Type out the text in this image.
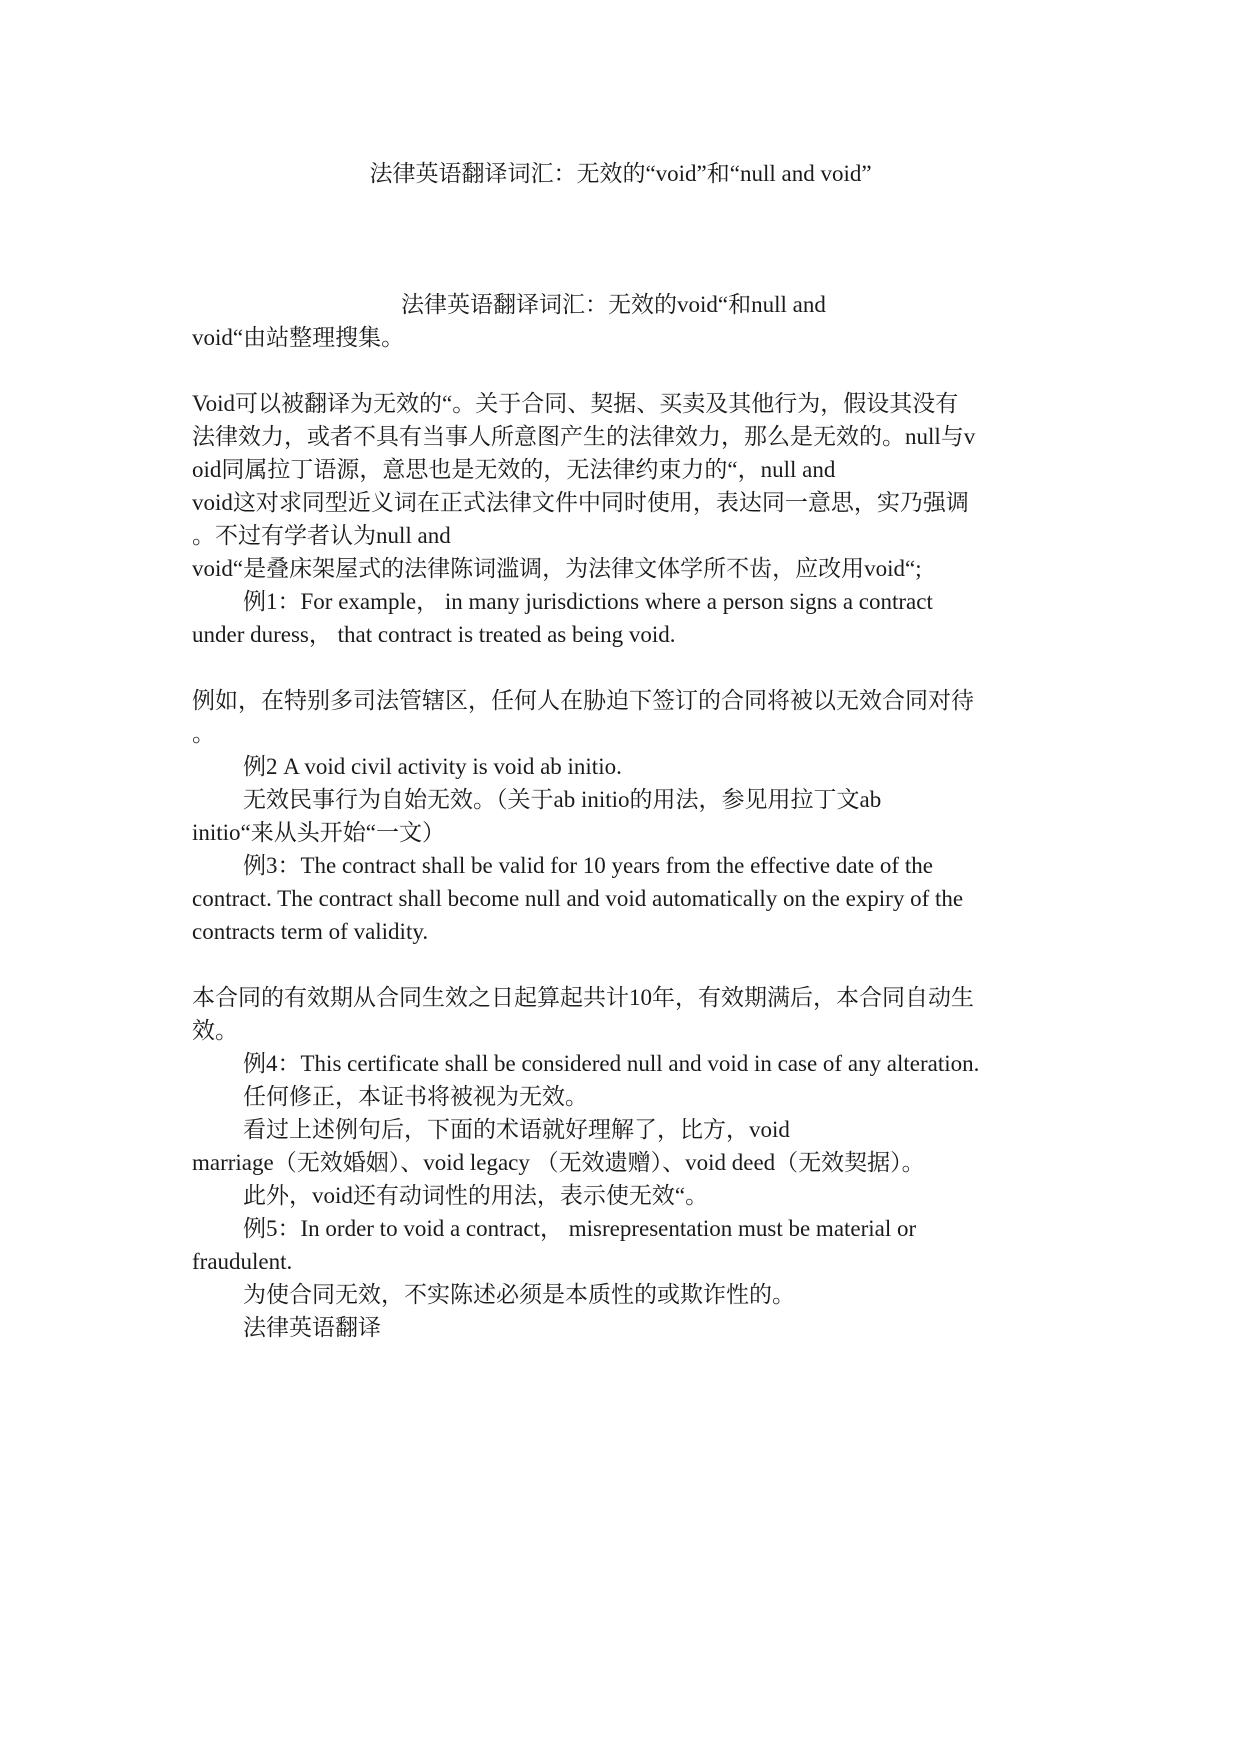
法律英语翻译词汇：无效的“void”和“null and void”
法律英语翻译词汇：无效的void“和null and
void“由站整理搜集。
Void可以被翻译为无效的“。关于合同、契据、买卖及其他行为，假设其没有
法律效力，或者不具有当事人所意图产生的法律效力，那么是无效的。null与v
oid同属拉丁语源，意思也是无效的，无法律约束力的“，null and
void这对求同型近义词在正式法律文件中同时使用，表达同一意思，实乃强调
。不过有学者认为null and
void“是叠床架屋式的法律陈词滥调，为法律文体学所不齿，应改用void“;
例1：For example， in many jurisdictions where a person signs a contract
under duress， that contract is treated as being void.
例如，在特别多司法管辖区，任何人在胁迫下签订的合同将被以无效合同对待
。
例2 A void civil activity is void ab initio.
无效民事行为自始无效。（关于ab initio的用法，参见用拉丁文ab
initio“来从头开始“一文）
例3：The contract shall be valid for 10 years from the effective date of the
contract. The contract shall become null and void automatically on the expiry of the
contracts term of validity.
本合同的有效期从合同生效之日起算起共计10年，有效期满后，本合同自动生
效。
例4：This certificate shall be considered null and void in case of any alteration.
任何修正，本证书将被视为无效。
看过上述例句后，下面的术语就好理解了，比方，void
marriage（无效婚姻）、void legacy （无效遗赠）、void deed（无效契据）。
此外，void还有动词性的用法，表示使无效“。
例5：In order to void a contract， misrepresentation must be material or
fraudulent.
为使合同无效，不实陈述必须是本质性的或欺诈性的。
法律英语翻译
